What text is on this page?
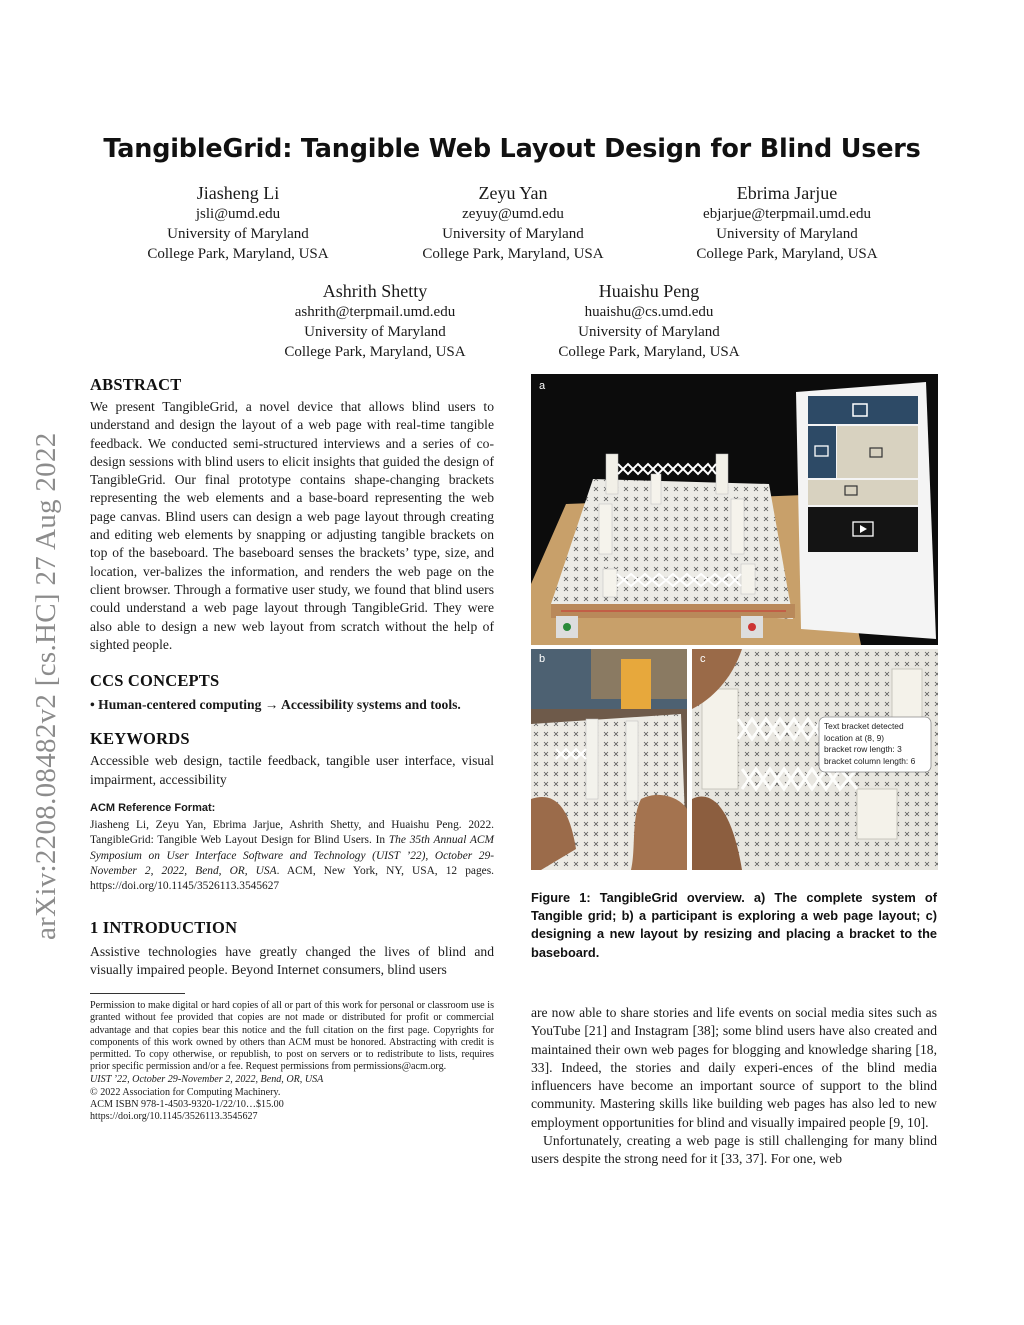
arXiv:2208.08482v2 [cs.HC] 27 Aug 2022
TangibleGrid: Tangible Web Layout Design for Blind Users
Jiasheng Li
jsli@umd.edu
University of Maryland
College Park, Maryland, USA
Zeyu Yan
zeyuy@umd.edu
University of Maryland
College Park, Maryland, USA
Ebrima Jarjue
ebjarjue@terpmail.umd.edu
University of Maryland
College Park, Maryland, USA
Ashrith Shetty
ashrith@terpmail.umd.edu
University of Maryland
College Park, Maryland, USA
Huaishu Peng
huaishu@cs.umd.edu
University of Maryland
College Park, Maryland, USA
ABSTRACT
We present TangibleGrid, a novel device that allows blind users to understand and design the layout of a web page with real-time tangible feedback. We conducted semi-structured interviews and a series of co-design sessions with blind users to elicit insights that guided the design of TangibleGrid. Our final prototype contains shape-changing brackets representing the web elements and a base-board representing the web page canvas. Blind users can design a web page layout through creating and editing web elements by snapping or adjusting tangible brackets on top of the baseboard. The baseboard senses the brackets’ type, size, and location, ver-balizes the information, and renders the web page on the client browser. Through a formative user study, we found that blind users could understand a web page layout through TangibleGrid. They were also able to design a new web layout from scratch without the help of sighted people.
CCS CONCEPTS
• Human-centered computing → Accessibility systems and tools.
KEYWORDS
Accessible web design, tactile feedback, tangible user interface, visual impairment, accessibility
ACM Reference Format:
Jiasheng Li, Zeyu Yan, Ebrima Jarjue, Ashrith Shetty, and Huaishu Peng. 2022. TangibleGrid: Tangible Web Layout Design for Blind Users. In The 35th Annual ACM Symposium on User Interface Software and Technology (UIST ’22), October 29-November 2, 2022, Bend, OR, USA. ACM, New York, NY, USA, 12 pages. https://doi.org/10.1145/3526113.3545627
1 INTRODUCTION
Assistive technologies have greatly changed the lives of blind and visually impaired people. Beyond Internet consumers, blind users
Permission to make digital or hard copies of all or part of this work for personal or classroom use is granted without fee provided that copies are not made or distributed for profit or commercial advantage and that copies bear this notice and the full citation on the first page. Copyrights for components of this work owned by others than ACM must be honored. Abstracting with credit is permitted. To copy otherwise, or republish, to post on servers or to redistribute to lists, requires prior specific permission and/or a fee. Request permissions from permissions@acm.org.
UIST ’22, October 29-November 2, 2022, Bend, OR, USA
© 2022 Association for Computing Machinery.
ACM ISBN 978-1-4503-9320-1/22/10…$15.00
https://doi.org/10.1145/3526113.3545627
a
b	c
Text bracket detected
location at (8, 9)
bracket row length: 3
bracket column length: 6
Figure 1: TangibleGrid overview. a) The complete system of Tangible grid; b) a participant is exploring a web page layout; c) designing a new layout by resizing and placing a bracket to the baseboard.
are now able to share stories and life events on social media sites such as YouTube [21] and Instagram [38]; some blind users have also created and maintained their own web pages for blogging and knowledge sharing [18, 33]. Indeed, the stories and daily experi-ences of the blind media influencers have become an important source of support to the blind community. Mastering skills like building web pages has also led to new employment opportunities for blind and visually impaired people [9, 10].
Unfortunately, creating a web page is still challenging for many blind users despite the strong need for it [33, 37]. For one, web
